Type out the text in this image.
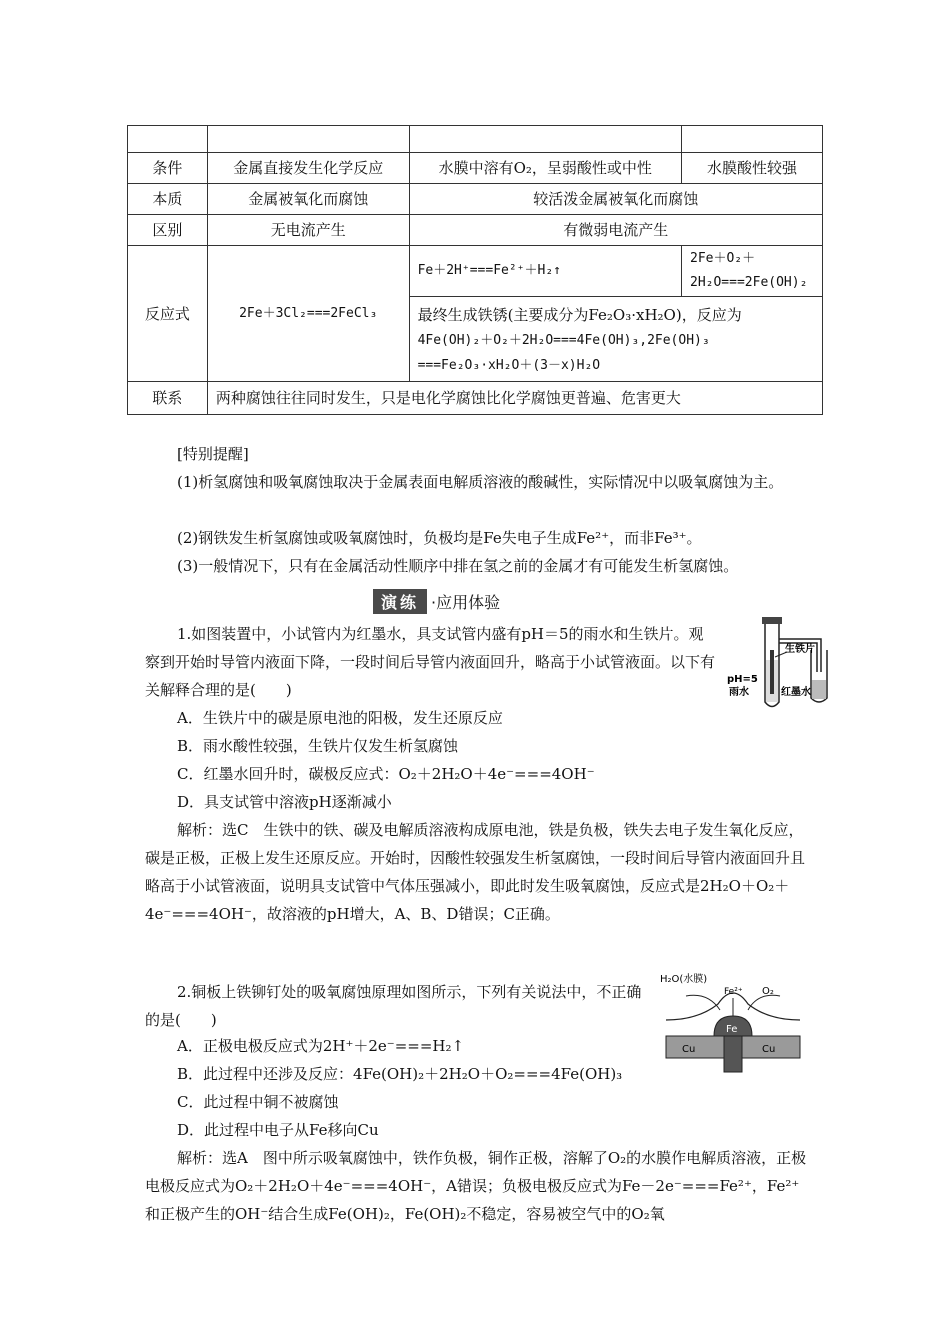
条件	金属直接发生化学反应	水膜中溶有O₂，呈弱酸性或中性	水膜酸性较强
本质	金属被氧化而腐蚀	较活泼金属被氧化而腐蚀	
区别	无电流产生	有微弱电流产生	
反应式	2Fe＋3Cl₂===2FeCl₃	Fe＋2H⁺===Fe²⁺＋H₂↑	2Fe＋O₂＋
2H₂O===2Fe(OH)₂

		最终生成铁锈(主要成分为Fe₂O₃·xH₂O)，反应为
4Fe(OH)₂＋O₂＋2H₂O===4Fe(OH)₃,2Fe(OH)₃
===Fe₂O₃·xH₂O＋(3－x)H₂O	

联系	两种腐蚀往往同时发生，只是电化学腐蚀比化学腐蚀更普遍、危害更大		
[特别提醒]

(1)析氢腐蚀和吸氧腐蚀取决于金属表面电解质溶液的酸碱性，实际情况中以吸氧腐蚀为主。

(2)钢铁发生析氢腐蚀或吸氧腐蚀时，负极均是Fe失电子生成Fe²⁺，而非Fe³⁺。

(3)一般情况下，只有在金属活动性顺序中排在氢之前的金属才有可能发生析氢腐蚀。

演练 ·应用体验

1.如图装置中，小试管内为红墨水，具支试管内盛有pH＝5的雨水和生铁片。观察到开始时导管内液面下降，一段时间后导管内液面回升，略高于小试管液面。以下有关解释合理的是(　　)

A．生铁片中的碳是原电池的阳极，发生还原反应
B．雨水酸性较强，生铁片仅发生析氢腐蚀
C．红墨水回升时，碳极反应式：O₂＋2H₂O＋4e⁻===4OH⁻
D．具支试管中溶液pH逐渐减小

解析：选C　生铁中的铁、碳及电解质溶液构成原电池，铁是负极，铁失去电子发生氧化反应，碳是正极，正极上发生还原反应。开始时，因酸性较强发生析氢腐蚀，一段时间后导管内液面回升且略高于小试管液面，说明具支试管中气体压强减小，即此时发生吸氧腐蚀，反应式是2H₂O＋O₂＋4e⁻===4OH⁻，故溶液的pH增大，A、B、D错误；C正确。

生铁片
pH=5
雨水	红墨水

2.铜板上铁铆钉处的吸氧腐蚀原理如图所示，下列有关说法中，不正确的是(　　)

A．正极电极反应式为2H⁺＋2e⁻===H₂↑
B．此过程中还涉及反应：4Fe(OH)₂＋2H₂O＋O₂===4Fe(OH)₃
C．此过程中铜不被腐蚀
D．此过程中电子从Fe移向Cu

解析：选A　图中所示吸氧腐蚀中，铁作负极，铜作正极，溶解了O₂的水膜作电解质溶液，正极电极反应式为O₂＋2H₂O＋4e⁻===4OH⁻，A错误；负极电极反应式为Fe－2e⁻===Fe²⁺，Fe²⁺和正极产生的OH⁻结合生成Fe(OH)₂，Fe(OH)₂不稳定，容易被空气中的O₂氧

H₂O(水膜)
O₂
Fe²⁺
Fe
Cu	Cu
